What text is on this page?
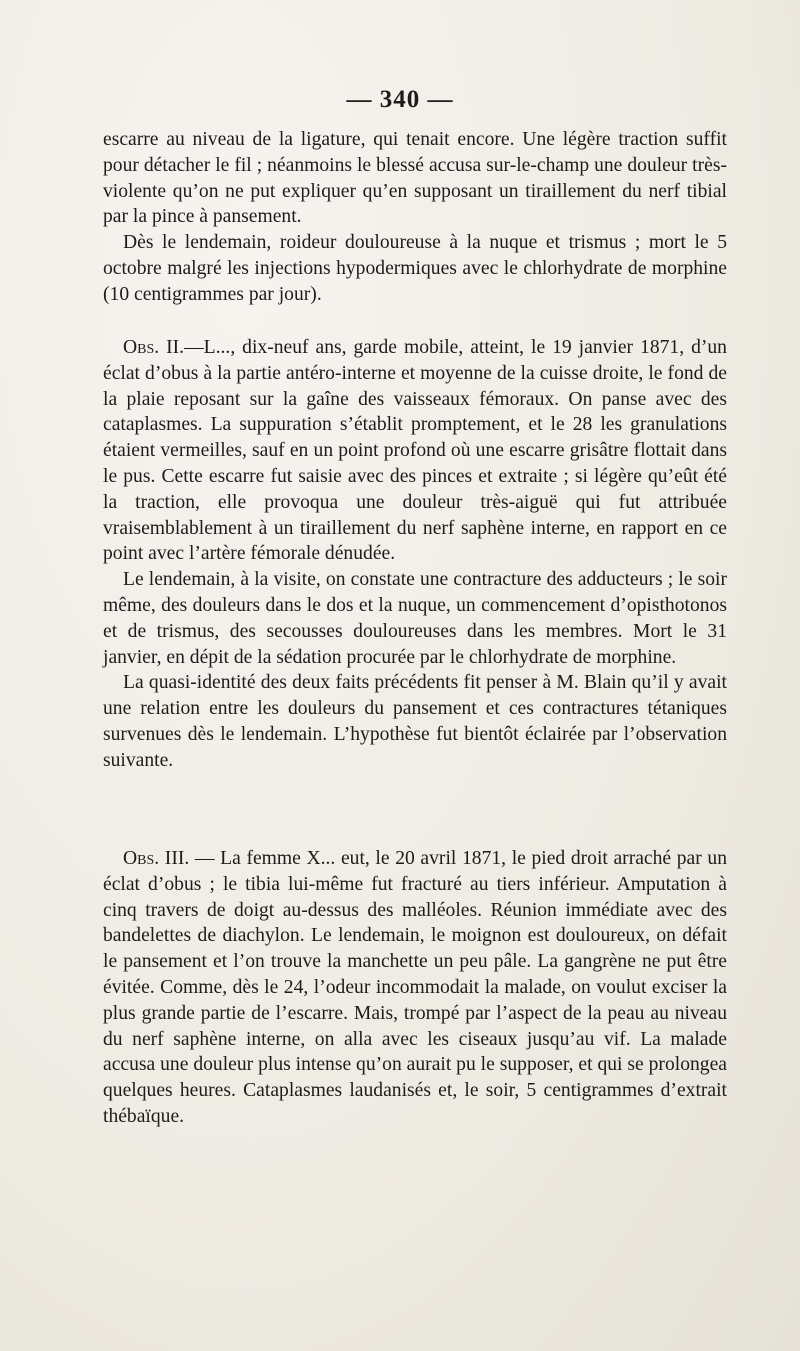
— 340 —

escarre au niveau de la ligature, qui tenait encore. Une légère traction suffit pour détacher le fil ; néanmoins le blessé accusa sur-le-champ une douleur très-violente qu’on ne put expliquer qu’en supposant un tiraillement du nerf tibial par la pince à pansement.

Dès le lendemain, roideur douloureuse à la nuque et trismus ; mort le 5 octobre malgré les injections hypodermiques avec le chlorhydrate de morphine (10 centigrammes par jour).

Obs. II.—L..., dix-neuf ans, garde mobile, atteint, le 19 janvier 1871, d’un éclat d’obus à la partie antéro-interne et moyenne de la cuisse droite, le fond de la plaie reposant sur la gaîne des vaisseaux fémoraux. On panse avec des cataplasmes. La suppuration s’établit promptement, et le 28 les granulations étaient vermeilles, sauf en un point profond où une escarre grisâtre flottait dans le pus. Cette escarre fut saisie avec des pinces et extraite ; si légère qu’eût été la traction, elle provoqua une douleur très-aiguë qui fut attribuée vraisemblablement à un tiraillement du nerf saphène interne, en rapport en ce point avec l’artère fémorale dénudée.

Le lendemain, à la visite, on constate une contracture des adducteurs ; le soir même, des douleurs dans le dos et la nuque, un commencement d’opisthotonos et de trismus, des secousses douloureuses dans les membres. Mort le 31 janvier, en dépit de la sédation procurée par le chlorhydrate de morphine.

La quasi-identité des deux faits précédents fit penser à M. Blain qu’il y avait une relation entre les douleurs du pansement et ces contractures tétaniques survenues dès le lendemain. L’hypothèse fut bientôt éclairée par l’observation suivante.

Obs. III. — La femme X... eut, le 20 avril 1871, le pied droit arraché par un éclat d’obus ; le tibia lui-même fut fracturé au tiers inférieur. Amputation à cinq travers de doigt au-dessus des malléoles. Réunion immédiate avec des bandelettes de diachylon. Le lendemain, le moignon est douloureux, on défait le pansement et l’on trouve la manchette un peu pâle. La gangrène ne put être évitée. Comme, dès le 24, l’odeur incommodait la malade, on voulut exciser la plus grande partie de l’escarre. Mais, trompé par l’aspect de la peau au niveau du nerf saphène interne, on alla avec les ciseaux jusqu’au vif. La malade accusa une douleur plus intense qu’on aurait pu le supposer, et qui se prolongea quelques heures. Cataplasmes laudanisés et, le soir, 5 centigrammes d’extrait thébaïque.
